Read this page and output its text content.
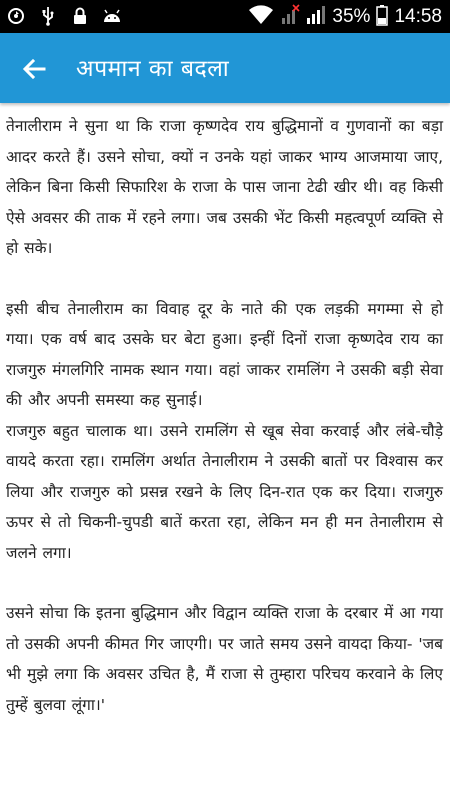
35% 14:58
अपमान का बदला

तेनालीराम ने सुना था कि राजा कृष्णदेव राय बुद्धिमानों व गुणवानों का बड़ा आदर करते हैं। उसने सोचा, क्यों न उनके यहां जाकर भाग्य आजमाया जाए, लेकिन बिना किसी सिफारिश के राजा के पास जाना टेढी खीर थी। वह किसी ऐसे अवसर की ताक में रहने लगा। जब उसकी भेंट किसी महत्वपूर्ण व्यक्ति से हो सके।

इसी बीच तेनालीराम का विवाह दूर के नाते की एक लड़की मगम्मा से हो गया। एक वर्ष बाद उसके घर बेटा हुआ। इन्हीं दिनों राजा कृष्णदेव राय का राजगुरु मंगलगिरि नामक स्थान गया। वहां जाकर रामलिंग ने उसकी बड़ी सेवा की और अपनी समस्या कह सुनाई।

राजगुरु बहुत चालाक था। उसने रामलिंग से खूब सेवा करवाई और लंबे-चौड़े वायदे करता रहा। रामलिंग अर्थात तेनालीराम ने उसकी बातों पर विश्वास कर लिया और राजगुरु को प्रसन्न रखने के लिए दिन-रात एक कर दिया। राजगुरु ऊपर से तो चिकनी-चुपडी बातें करता रहा, लेकिन मन ही मन तेनालीराम से जलने लगा।

उसने सोचा कि इतना बुद्धिमान और विद्वान व्यक्ति राजा के दरबार में आ गया तो उसकी अपनी कीमत गिर जाएगी। पर जाते समय उसने वायदा किया- 'जब भी मुझे लगा कि अवसर उचित है, मैं राजा से तुम्हारा परिचय करवाने के लिए तुम्हें बुलवा लूंगा।'
